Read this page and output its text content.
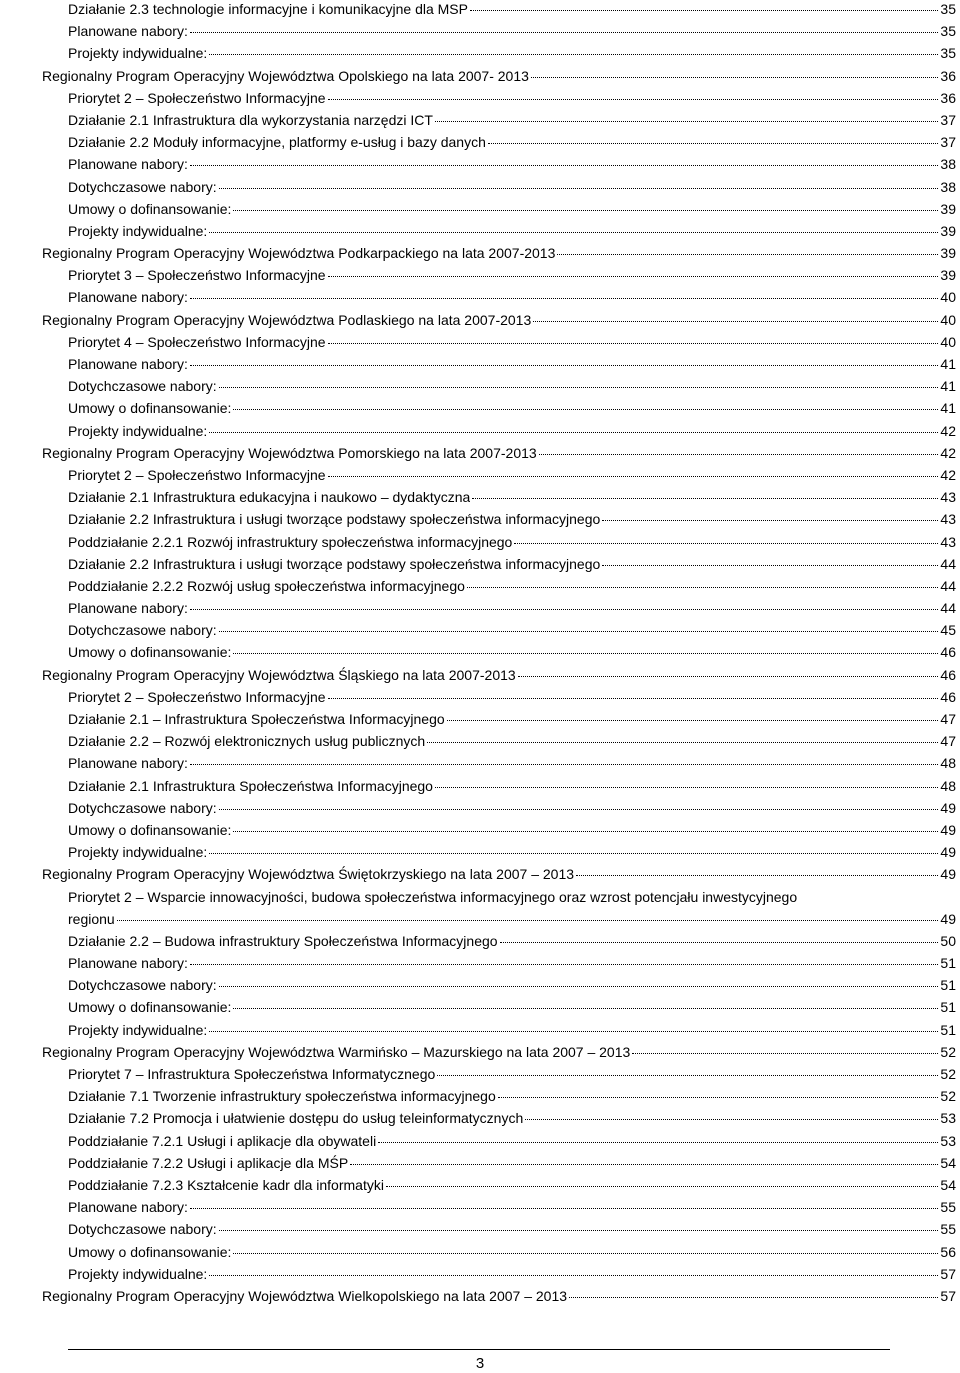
Działanie 2.3 technologie informacyjne i komunikacyjne dla MSP	35
Planowane nabory:	35
Projekty indywidualne:	35
Regionalny Program Operacyjny Województwa Opolskiego na lata 2007- 2013	36
Priorytet 2 – Społeczeństwo Informacyjne	36
Działanie 2.1 Infrastruktura dla wykorzystania narzędzi ICT	37
Działanie 2.2 Moduły informacyjne, platformy e-usług i bazy danych	37
Planowane nabory:	38
Dotychczasowe nabory:	38
Umowy o dofinansowanie:	39
Projekty indywidualne:	39
Regionalny Program Operacyjny Województwa Podkarpackiego na lata 2007-2013	39
Priorytet 3 – Społeczeństwo Informacyjne	39
Planowane nabory:	40
Regionalny Program Operacyjny Województwa Podlaskiego na lata 2007-2013	40
Priorytet 4 – Społeczeństwo Informacyjne	40
Planowane nabory:	41
Dotychczasowe nabory:	41
Umowy o dofinansowanie:	41
Projekty indywidualne:	42
Regionalny Program Operacyjny Województwa Pomorskiego na lata 2007-2013	42
Priorytet 2 – Społeczeństwo Informacyjne	42
Działanie 2.1 Infrastruktura edukacyjna i naukowo – dydaktyczna	43
Działanie 2.2 Infrastruktura i usługi tworzące podstawy społeczeństwa informacyjnego	43
Poddziałanie 2.2.1 Rozwój infrastruktury społeczeństwa informacyjnego	43
Działanie 2.2 Infrastruktura i usługi tworzące podstawy społeczeństwa informacyjnego	44
Poddziałanie 2.2.2 Rozwój usług społeczeństwa informacyjnego	44
Planowane nabory:	44
Dotychczasowe nabory:	45
Umowy o dofinansowanie:	46
Regionalny Program Operacyjny Województwa Śląskiego na lata 2007-2013	46
Priorytet 2 – Społeczeństwo Informacyjne	46
Działanie 2.1 – Infrastruktura Społeczeństwa Informacyjnego	47
Działanie 2.2 – Rozwój elektronicznych usług publicznych	47
Planowane nabory:	48
Działanie 2.1 Infrastruktura Społeczeństwa Informacyjnego	48
Dotychczasowe nabory:	49
Umowy o dofinansowanie:	49
Projekty indywidualne:	49
Regionalny Program Operacyjny Województwa Świętokrzyskiego na lata 2007 – 2013	49
Priorytet 2 – Wsparcie innowacyjności, budowa społeczeństwa informacyjnego oraz wzrost potencjału inwestycyjnego
regionu	49
Działanie 2.2 – Budowa infrastruktury Społeczeństwa Informacyjnego	50
Planowane nabory:	51
Dotychczasowe nabory:	51
Umowy o dofinansowanie:	51
Projekty indywidualne:	51
Regionalny Program Operacyjny Województwa Warmińsko – Mazurskiego na lata 2007 – 2013	52
Priorytet 7 – Infrastruktura Społeczeństwa Informatycznego	52
Działanie 7.1 Tworzenie infrastruktury społeczeństwa informacyjnego	52
Działanie 7.2 Promocja i ułatwienie dostępu do usług teleinformatycznych	53
Poddziałanie 7.2.1 Usługi i aplikacje dla obywateli	53
Poddziałanie 7.2.2 Usługi i aplikacje dla MŚP	54
Poddziałanie 7.2.3 Kształcenie kadr dla informatyki	54
Planowane nabory:	55
Dotychczasowe nabory:	55
Umowy o dofinansowanie:	56
Projekty indywidualne:	57
Regionalny Program Operacyjny Województwa Wielkopolskiego na lata 2007 – 2013	57
3
